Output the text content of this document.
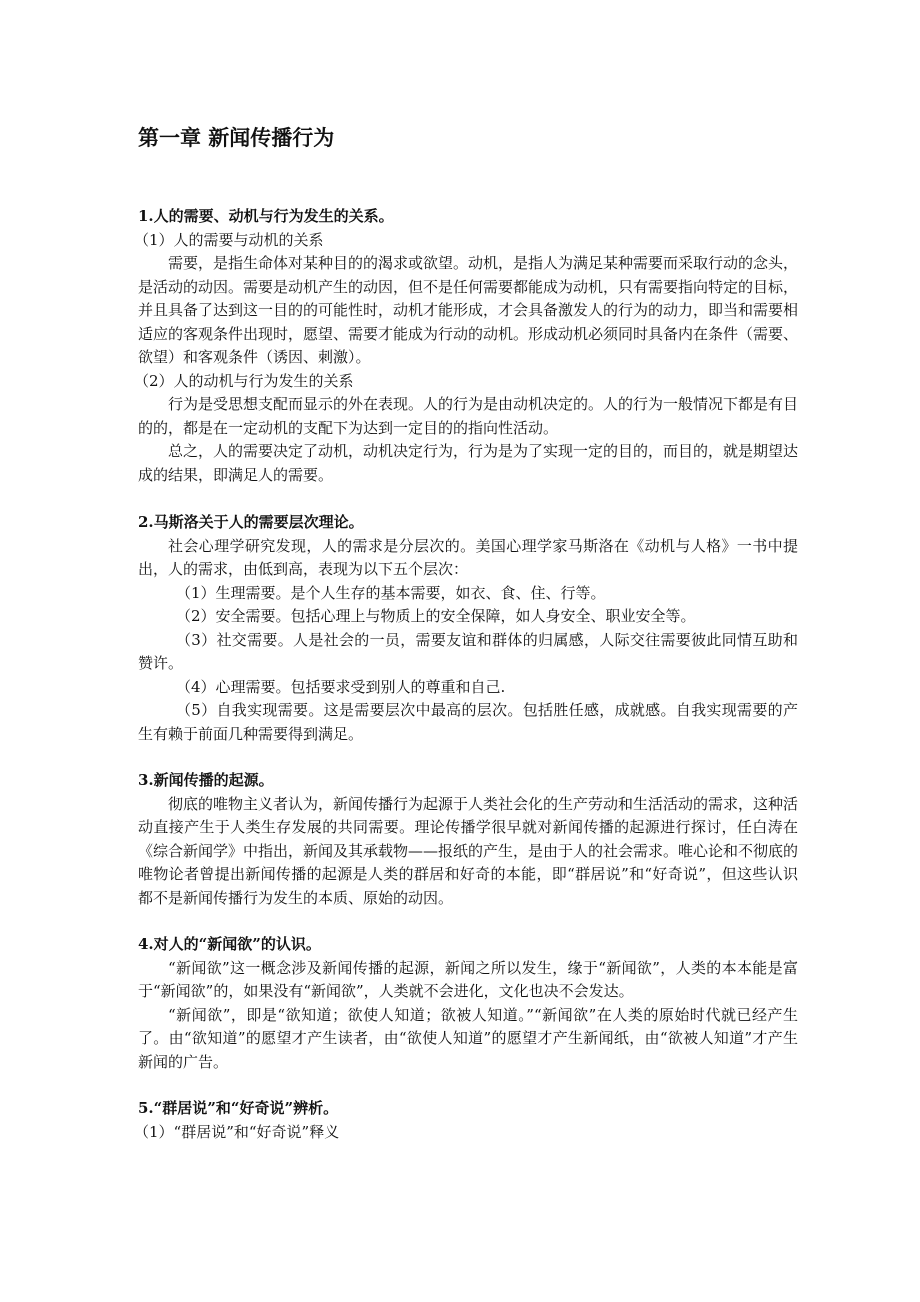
第一章 新闻传播行为

1.人的需要、动机与行为发生的关系。

（1）人的需要与动机的关系

需要，是指生命体对某种目的的渴求或欲望。动机，是指人为满足某种需要而采取行动的念头，是活动的动因。需要是动机产生的动因，但不是任何需要都能成为动机，只有需要指向特定的目标，并且具备了达到这一目的的可能性时，动机才能形成，才会具备激发人的行为的动力，即当和需要相适应的客观条件出现时，愿望、需要才能成为行动的动机。形成动机必须同时具备内在条件（需要、欲望）和客观条件（诱因、刺激）。

（2）人的动机与行为发生的关系

行为是受思想支配而显示的外在表现。人的行为是由动机决定的。人的行为一般情况下都是有目的的，都是在一定动机的支配下为达到一定目的的指向性活动。

总之，人的需要决定了动机，动机决定行为，行为是为了实现一定的目的，而目的，就是期望达成的结果，即满足人的需要。

2.马斯洛关于人的需要层次理论。

社会心理学研究发现，人的需求是分层次的。美国心理学家马斯洛在《动机与人格》一书中提出，人的需求，由低到高，表现为以下五个层次：

（1）生理需要。是个人生存的基本需要，如衣、食、住、行等。

（2）安全需要。包括心理上与物质上的安全保障，如人身安全、职业安全等。

（3）社交需要。人是社会的一员，需要友谊和群体的归属感，人际交往需要彼此同情互助和赞许。

（4）心理需要。包括要求受到别人的尊重和自己.

（5）自我实现需要。这是需要层次中最高的层次。包括胜任感，成就感。自我实现需要的产生有赖于前面几种需要得到满足。

3.新闻传播的起源。

彻底的唯物主义者认为，新闻传播行为起源于人类社会化的生产劳动和生活活动的需求，这种活动直接产生于人类生存发展的共同需要。理论传播学很早就对新闻传播的起源进行探讨，任白涛在《综合新闻学》中指出，新闻及其承载物——报纸的产生，是由于人的社会需求。唯心论和不彻底的唯物论者曾提出新闻传播的起源是人类的群居和好奇的本能，即“群居说”和“好奇说”，但这些认识都不是新闻传播行为发生的本质、原始的动因。

4.对人的“新闻欲”的认识。

“新闻欲”这一概念涉及新闻传播的起源，新闻之所以发生，缘于“新闻欲”，人类的本本能是富于“新闻欲”的，如果没有“新闻欲”，人类就不会进化，文化也决不会发达。

“新闻欲”，即是“欲知道；欲使人知道；欲被人知道。”“新闻欲”在人类的原始时代就已经产生了。由“欲知道”的愿望才产生读者，由“欲使人知道”的愿望才产生新闻纸，由“欲被人知道”才产生新闻的广告。

5.“群居说”和“好奇说”辨析。

（1）“群居说”和“好奇说”释义
